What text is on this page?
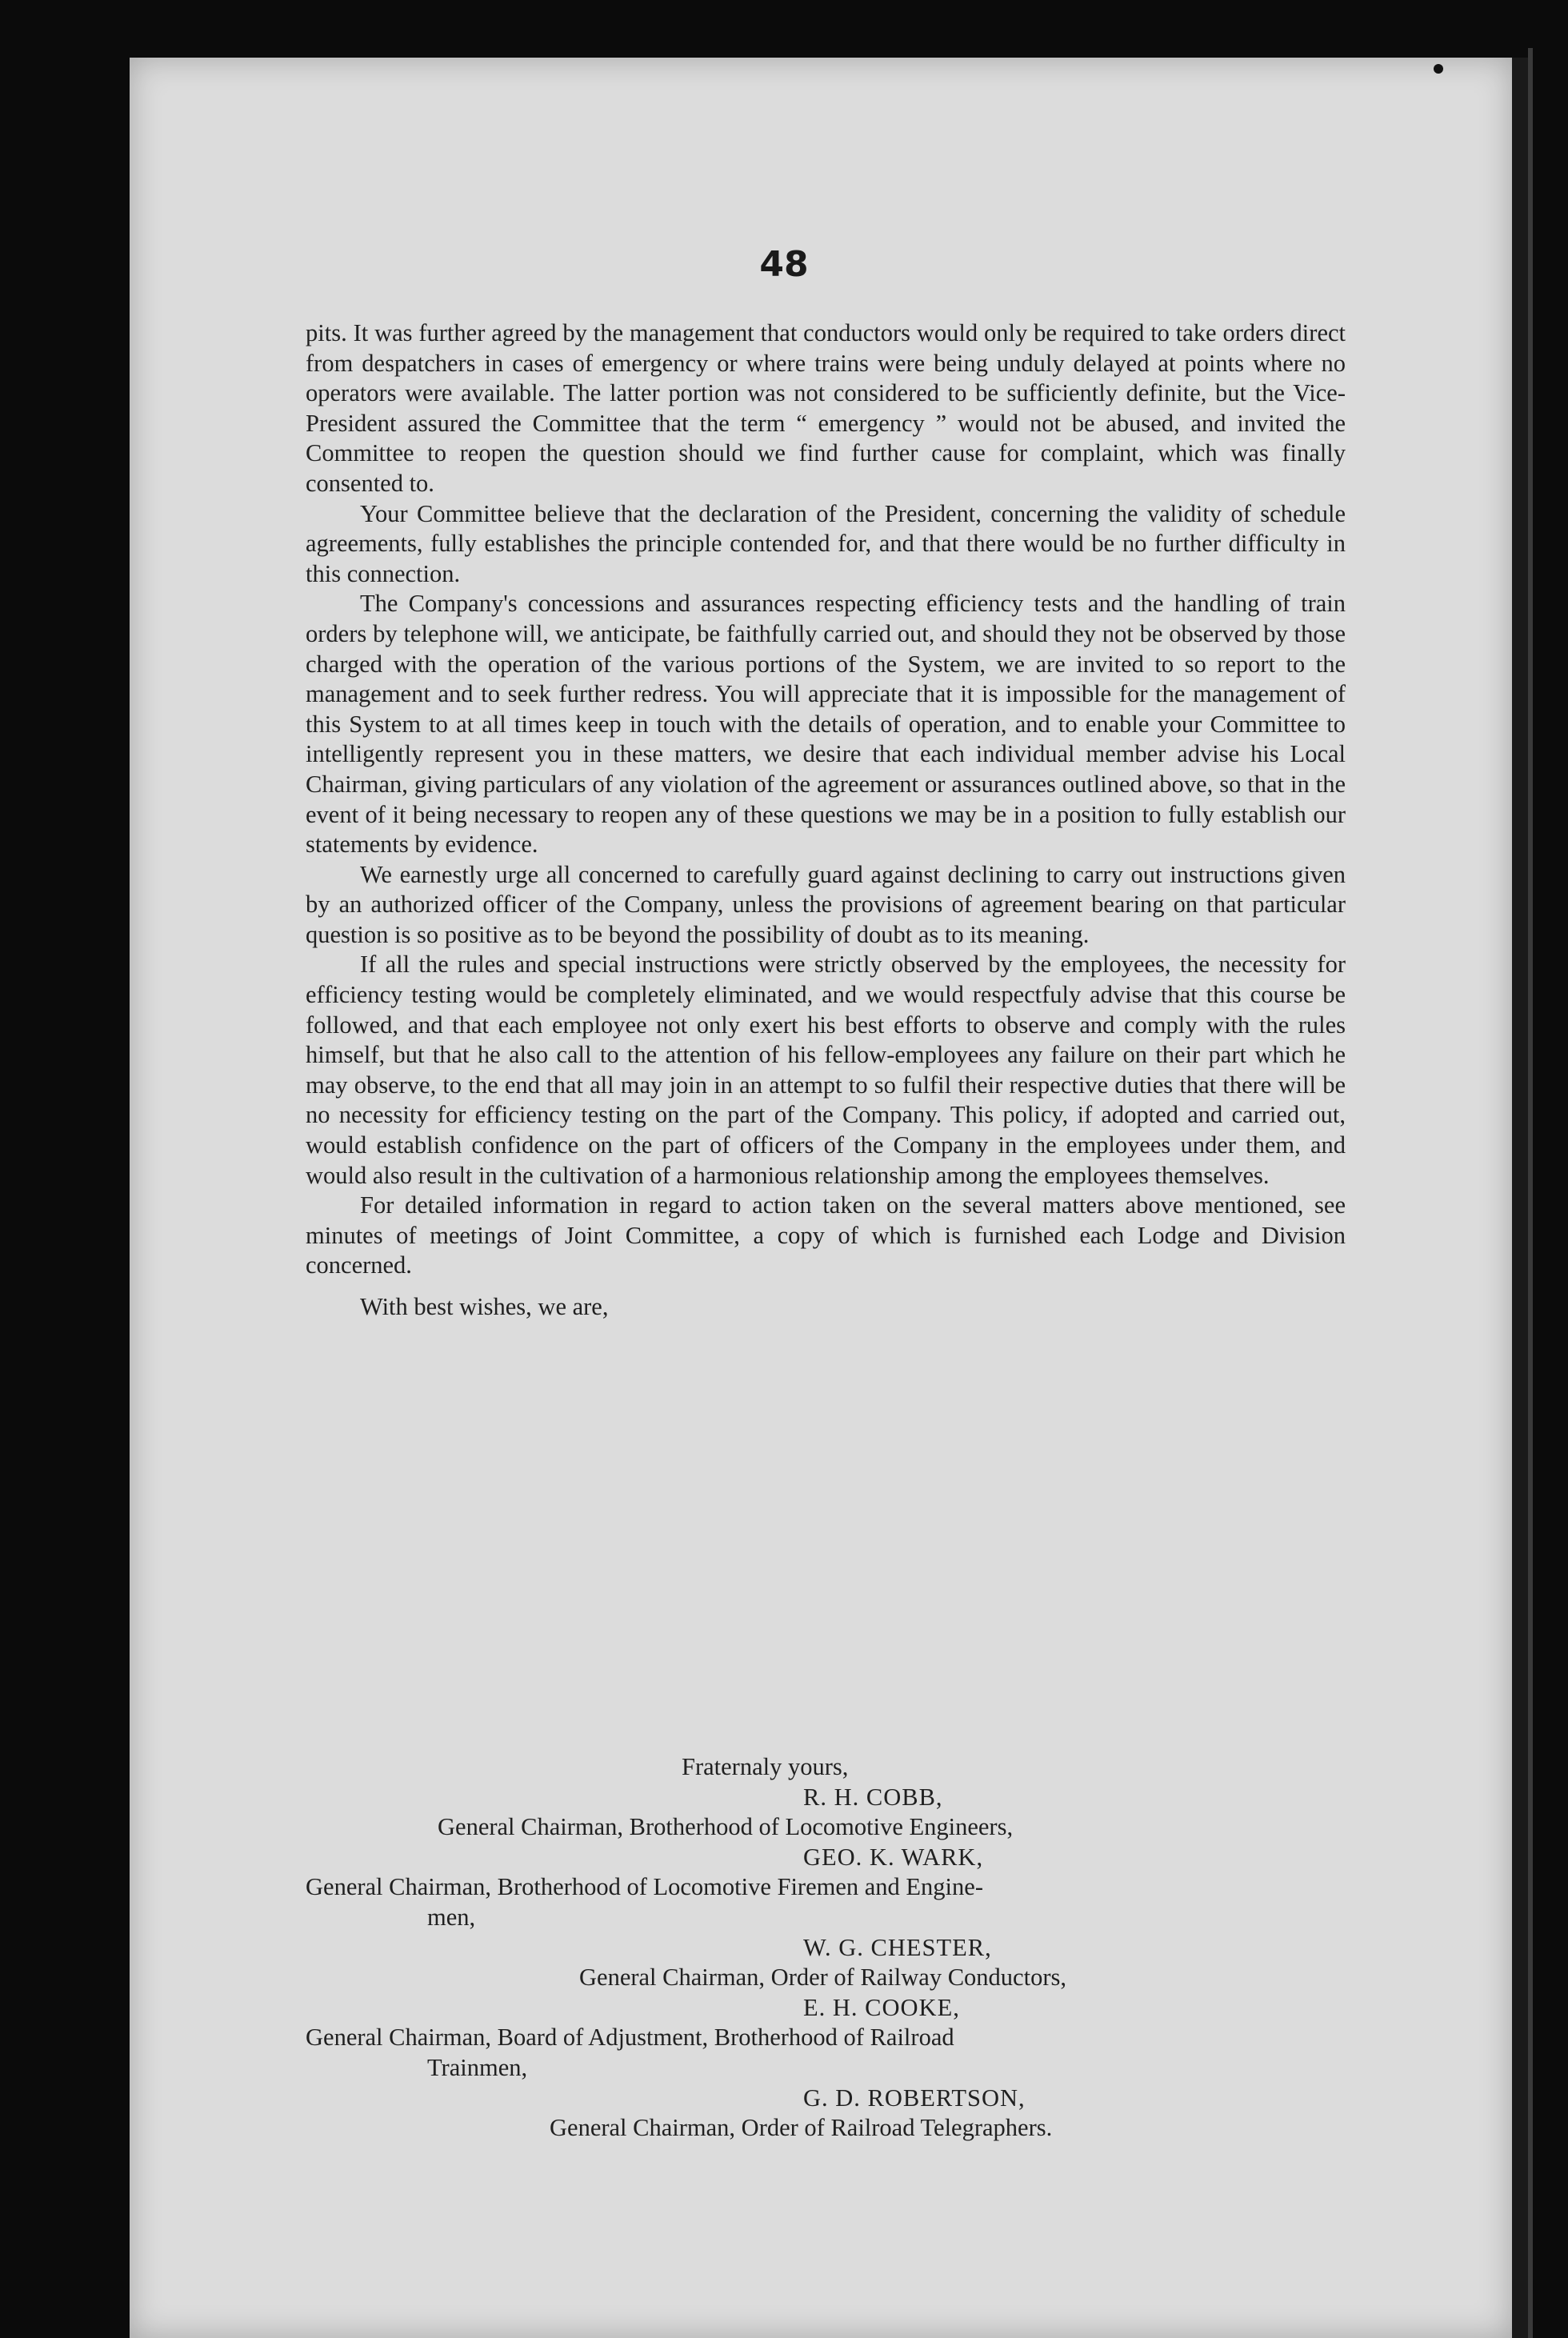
48

pits. It was further agreed by the management that conductors would only be required to take orders direct from despatchers in cases of emergency or where trains were being unduly delayed at points where no operators were available. The latter portion was not considered to be sufficiently definite, but the Vice-President assured the Committee that the term “ emergency ” would not be abused, and invited the Committee to reopen the question should we find further cause for complaint, which was finally consented to.

Your Committee believe that the declaration of the President, concerning the validity of schedule agreements, fully establishes the principle contended for, and that there would be no further difficulty in this connection.

The Company's concessions and assurances respecting efficiency tests and the handling of train orders by telephone will, we anticipate, be faithfully carried out, and should they not be observed by those charged with the operation of the various portions of the System, we are invited to so report to the management and to seek further redress. You will appreciate that it is impossible for the management of this System to at all times keep in touch with the details of operation, and to enable your Committee to intelligently represent you in these matters, we desire that each individual member advise his Local Chairman, giving particulars of any violation of the agreement or assurances outlined above, so that in the event of it being necessary to reopen any of these questions we may be in a position to fully establish our statements by evidence.

We earnestly urge all concerned to carefully guard against declining to carry out instructions given by an authorized officer of the Company, unless the provisions of agreement bearing on that particular question is so positive as to be beyond the possibility of doubt as to its meaning.

If all the rules and special instructions were strictly observed by the employees, the necessity for efficiency testing would be completely eliminated, and we would respectfuly advise that this course be followed, and that each employee not only exert his best efforts to observe and comply with the rules himself, but that he also call to the attention of his fellow-employees any failure on their part which he may observe, to the end that all may join in an attempt to so fulfil their respective duties that there will be no necessity for efficiency testing on the part of the Company. This policy, if adopted and carried out, would establish confidence on the part of officers of the Company in the employees under them, and would also result in the cultivation of a harmonious relationship among the employees themselves.

For detailed information in regard to action taken on the several matters above mentioned, see minutes of meetings of Joint Committee, a copy of which is furnished each Lodge and Division concerned.

With best wishes, we are,

Fraternaly yours,
R. H. COBB,
General Chairman, Brotherhood of Locomotive Engineers,
GEO. K. WARK,
General Chairman, Brotherhood of Locomotive Firemen and Engine-
men,
W. G. CHESTER,
General Chairman, Order of Railway Conductors,
E. H. COOKE,
General Chairman, Board of Adjustment, Brotherhood of Railroad
Trainmen,
G. D. ROBERTSON,
General Chairman, Order of Railroad Telegraphers.
